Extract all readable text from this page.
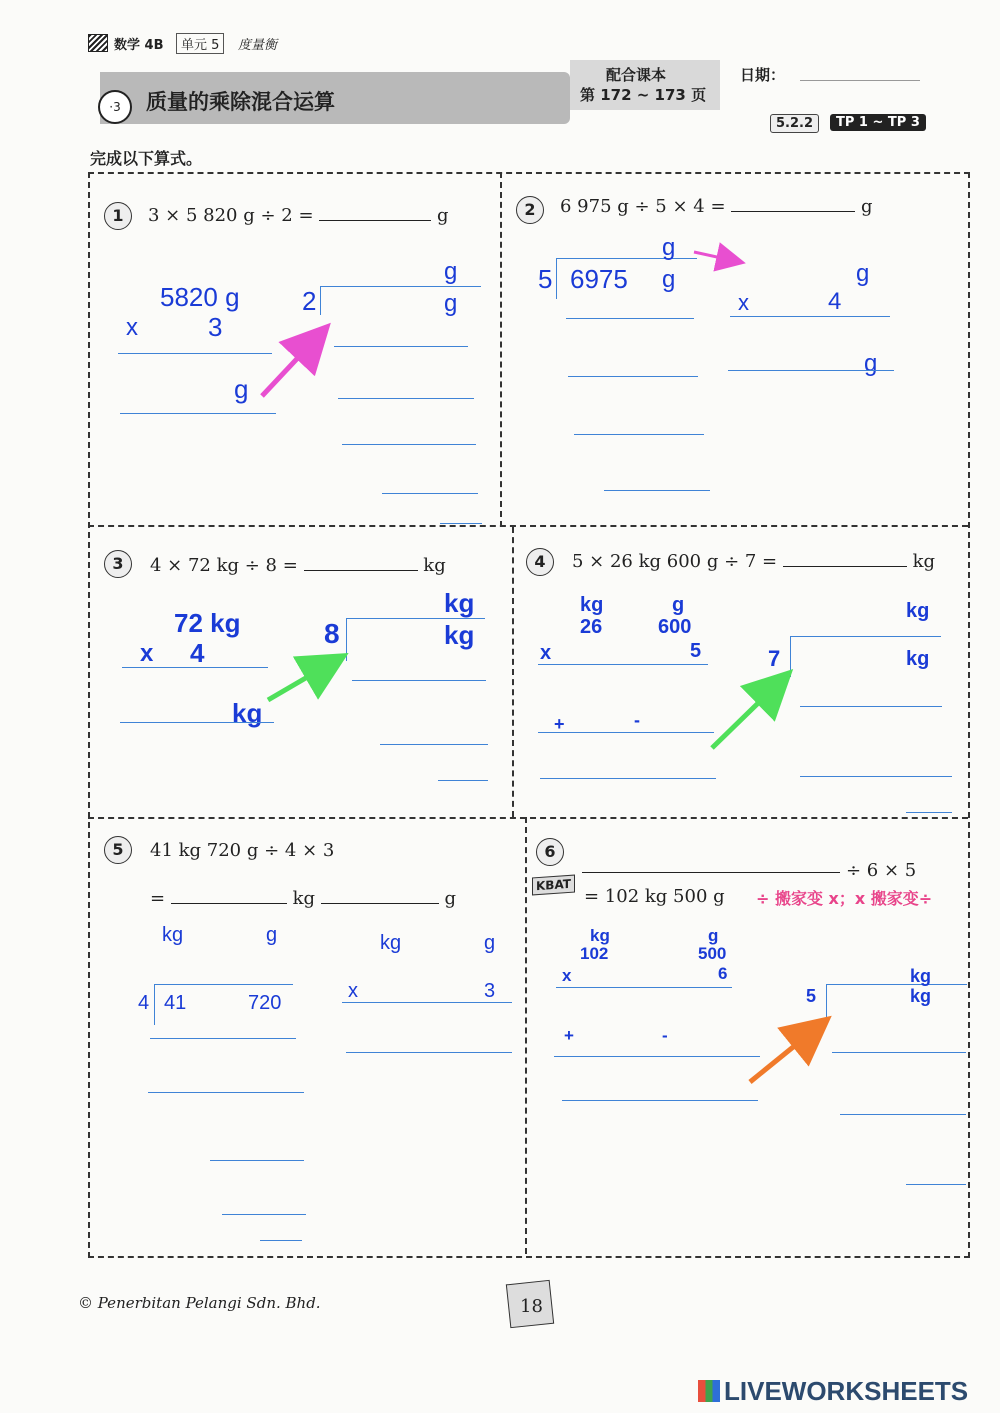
数学 4B	单元 5	度量衡
·3	质量的乘除混合运算
配合课本
第 172 ~ 173 页
日期：
5.2.2	TP 1 ~ TP 3
完成以下算式。
1	3 × 5 820 g ÷ 2 =	g
5820 g
x	3
g
2
g
g
2	6 975 g ÷ 5 × 4 =	g
5 6975
g
g
x	4
g
g
3	4 × 72 kg ÷ 8 =	kg
72 kg
x 4
kg
8
kg
kg
4	5 × 26 kg 600 g ÷ 7 =	kg
kg	g
26	600
x	5
+	-
7
kg
kg
5	41 kg 720 g ÷ 4 × 3
=	kg	g
kg	g
4 41	720
kg	g
x	3
6
KBAT
÷ 6 × 5
= 102 kg 500 g ÷ 搬家变 x；x 搬家变÷
kg	g
102	500
x	6
+	-
5
kg
kg
© Penerbitan Pelangi Sdn. Bhd.	18
LIVEWORKSHEETS
